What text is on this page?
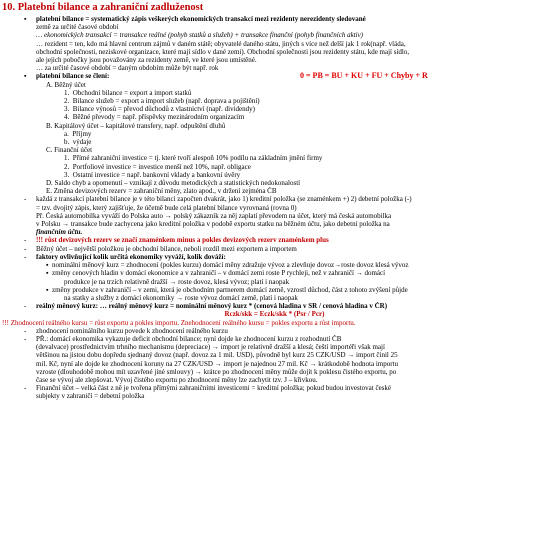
10. Platební bilance a zahraniční zadluženost
▪ platební bilance = systematický zápis veškerých ekonomických transakcí mezi rezidenty nerezidenty sledované
země za určité časové období
… ekonomických transakcí = transakce reálné (pohyb statků a služeb) + transakce finanční (pohyb finančních aktiv)
… rezident = ten, kdo má hlavní centrum zájmů v daném státě; obyvatelé daného státu, jiných s více než delší jak 1 rok(např. vláda,
obchodní společnosti, neziskové organizace, které mají sídlo v dané zemi). Obchodní společnosti jsou rezidenty státu, kde mají sídlo,
ale jejich pobočky jsou považovány za rezidenty země, ve které jsou umístěné.
… za určité časové období = daným obdobím může být např. rok
▪ platební bilance se člení:	0 = PB = BU + KU + FU + Chyby + R
A. Běžný účet
1.  Obchodní bilance = export a import statků
2.  Bilance služeb = export a import služeb (např. doprava a pojištění)
3.  Bilance výnosů = převod důchodů z vlastnictví (např. dividendy)
4.  Běžné převody = např. příspěvky mezinárodním organizacím
B. Kapitálový účet – kapitálové transfery, např. odpuštění dluhů
a.  Příjmy
b.  výdaje
C. Finanční účet
1.  Přímé zahraniční investice = tj. které tvoří alespoň 10% podílu na základním jmění firmy
2.  Portfoliové investice = investice menší než 10%, např. obligace
3.  Ostatní investice = např. bankovní vklady a bankovní úvěry
D. Saldo chyb a opomenutí – vznikají z důvodu metodických a statistických nedokonalostí
E. Změna devizových rezerv = zahraniční měny, zlato apod., v držení zejména ČB
- každá z transakcí platební bilance je v této bilanci započten dvakrát, jako 1) kreditní položka (se znaménkem +) 2) debetní položka (-)
= tzv. dvojitý zápis, který zajišťuje, že účetně bude celá platební bilance vyrovnaná (rovna 0)
Př. Česká automobilka vyváží do Polska auto → polský zákazník za něj zaplatí převodem na účet, který má česká automobilka
v Polsku → transakce bude zachycena jako kreditní položka v podobě exportu statku na běžném účtu, jako debetní položka na
finančním účtu.
- !!! růst devizových rezerv se značí znaménkem minus a pokles devizových rezerv znaménkem plus
- Běžný účet – největší položkou je obchodní bilance, neboli rozdíl mezi exportem a importem
- faktory ovlivňující kolik určitá ekonomiky vyváží, kolik dováží:
▪  nominální měnový kurz = zhodnocení (pokles kurzu) domácí měny zdražuje vývoz a zlevňuje dovoz→roste dovoz klesá vývoz
▪  změny cenových hladin v domácí ekonomice a v zahraničí – v domácí zemi roste P rychleji, než v zahraničí → domácí
produkce je na trzích relativně dražší → roste dovoz, klesá vývoz; platí i naopak
▪  změny produkce v zahraničí – v zemi, která je obchodním partnerem domácí země, vzrostl důchod, část z tohoto zvýšení půjde
na statky a služby z domácí ekonomiky → roste vývoz domácí země, platí i naopak
- reálný měnový kurz: … reálný měnový kurz = nominální měnový kurz * (cenová hladina v SR / cenová hladina v ČR)
Rczk/skk = Eczk/skk * (Psr / Pcr)
!!! Zhodnocení reálného kursu = růst exportu a pokles importu. Znehodnocení reálného kursu = pokles exportu a růst importu.
- zhodnocení nominálního kurzu povede k zhodnocení reálného kurzu
- PŘ.: domácí ekonomika vykazuje deficit obchodní bilance; nyní dojde ke zhodnocení kurzu z rozhodnutí ČB
(devalvace) prostřednictvím trhního mechanismu (depreciace) → import je relativně dražší a klesá; čeští importéři však mají
většinou na jistou dobu dopředu sjednaný dovoz (např. dovoz za 1 mil. USD), původně byl kurz 25 CZK/USD → import činil 25
mil. Kč, nyní ale dojde ke zhodnocení koruny na 27 CZK/USD → import je najednou 27 mil. Kč → krátkodobě hodnota importu
vzroste (dlouhodobě mohou mít uzavřené jiné smlouvy) → krátce po zhodnocení měny může dojít k poklesu čistého exportu, po
čase se vývoj ale zlepšovat. Vývoj čistého exportu po zhodnocení měny lze zachytit tzv. J – křivkou.
- Finanční účet – velká část z ně je tvořena přímými zahraničními investicemi = kreditní položka; pokud budou investovat české
subjekty v zahraničí = debetní položka
